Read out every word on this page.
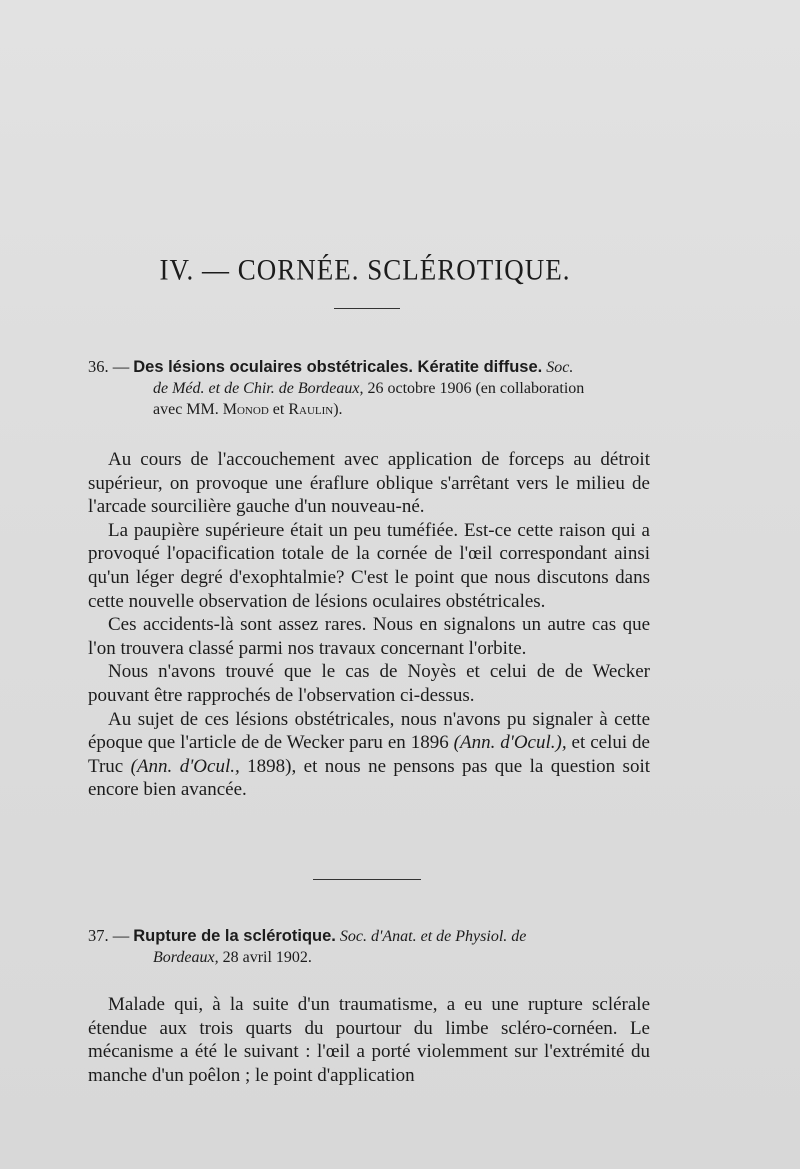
IV. — CORNÉE. SCLÉROTIQUE.
36. — Des lésions oculaires obstétricales. Kératite diffuse. Soc.
de Méd. et de Chir. de Bordeaux, 26 octobre 1906 (en collaboration
avec MM. Monod et Raulin).

Au cours de l'accouchement avec application de forceps au détroit supérieur, on provoque une éraflure oblique s'arrêtant vers le milieu de l'arcade sourcilière gauche d'un nouveau-né.

La paupière supérieure était un peu tuméfiée. Est-ce cette raison qui a provoqué l'opacification totale de la cornée de l'œil correspondant ainsi qu'un léger degré d'exophtalmie? C'est le point que nous discutons dans cette nouvelle observation de lésions oculaires obstétricales.

Ces accidents-là sont assez rares. Nous en signalons un autre cas que l'on trouvera classé parmi nos travaux concernant l'orbite.

Nous n'avons trouvé que le cas de Noyès et celui de de Wecker pouvant être rapprochés de l'observation ci-dessus.

Au sujet de ces lésions obstétricales, nous n'avons pu signaler à cette époque que l'article de de Wecker paru en 1896 (Ann. d'Ocul.), et celui de Truc (Ann. d'Ocul., 1898), et nous ne pensons pas que la question soit encore bien avancée.

37. — Rupture de la sclérotique. Soc. d'Anat. et de Physiol. de
Bordeaux, 28 avril 1902.

Malade qui, à la suite d'un traumatisme, a eu une rupture sclérale étendue aux trois quarts du pourtour du limbe scléro-cornéen. Le mécanisme a été le suivant : l'œil a porté violemment sur l'extrémité du manche d'un poêlon ; le point d'application
